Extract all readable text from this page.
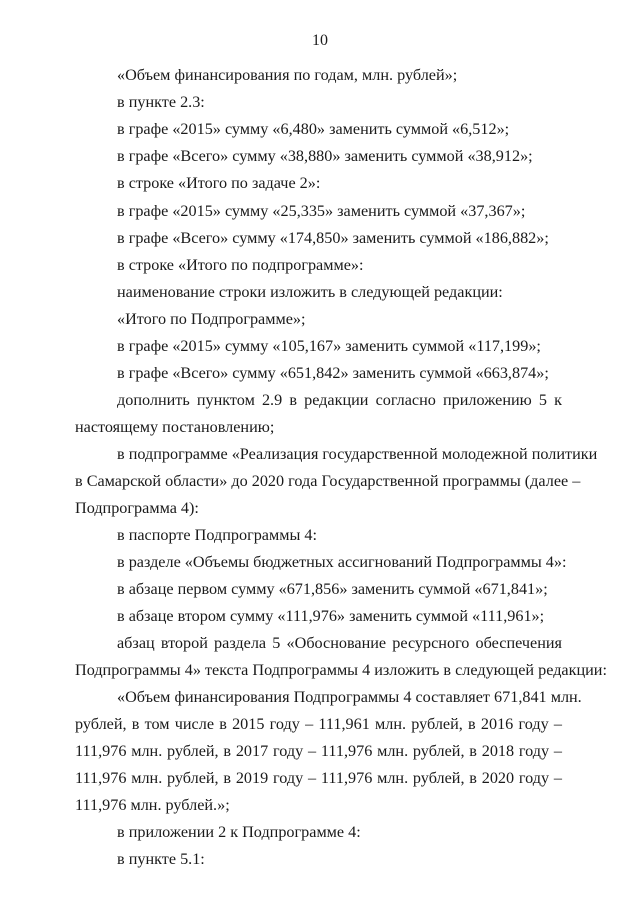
10
«Объем финансирования по годам, млн. рублей»;
в пункте 2.3:
в графе «2015» сумму «6,480» заменить суммой «6,512»;
в графе «Всего» сумму «38,880» заменить суммой «38,912»;
в строке «Итого по задаче 2»:
в графе «2015» сумму «25,335» заменить суммой «37,367»;
в графе «Всего» сумму «174,850» заменить суммой «186,882»;
в строке «Итого по подпрограмме»:
наименование строки изложить в следующей редакции:
«Итого по Подпрограмме»;
в графе «2015» сумму «105,167» заменить суммой «117,199»;
в графе «Всего» сумму «651,842» заменить суммой «663,874»;
дополнить пунктом 2.9 в редакции согласно приложению 5 к
настоящему постановлению;
в подпрограмме «Реализация государственной молодежной политики
в Самарской области» до 2020 года Государственной программы (далее –
Подпрограмма 4):
в паспорте Подпрограммы 4:
в разделе «Объемы бюджетных ассигнований Подпрограммы 4»:
в абзаце первом сумму «671,856» заменить суммой «671,841»;
в абзаце втором сумму «111,976» заменить суммой «111,961»;
абзац второй раздела 5 «Обоснование ресурсного обеспечения
Подпрограммы 4» текста Подпрограммы 4 изложить в следующей редакции:
«Объем финансирования Подпрограммы 4 составляет 671,841 млн.
рублей, в том числе в 2015 году – 111,961 млн. рублей, в 2016 году –
111,976 млн. рублей, в 2017 году – 111,976 млн. рублей, в 2018 году –
111,976 млн. рублей, в 2019 году – 111,976 млн. рублей, в 2020 году –
111,976 млн. рублей.»;
в приложении 2 к Подпрограмме 4:
в пункте 5.1:
